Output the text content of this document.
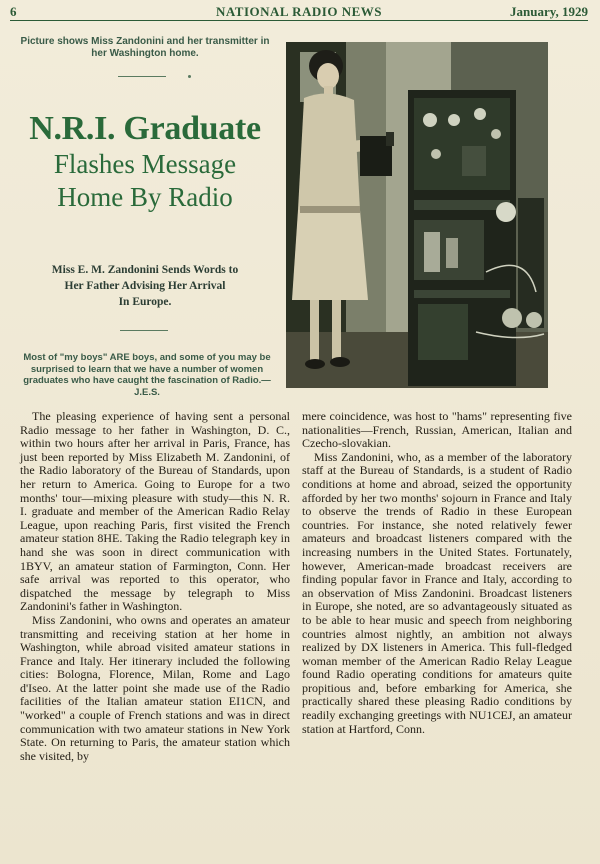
6	NATIONAL RADIO NEWS	January, 1929
Picture shows Miss Zandonini and her transmitter in her Washington home.
N.R.I. Graduate
Flashes Message
Home By Radio
Miss E. M. Zandonini Sends Words to
Her Father Advising Her Arrival
In Europe.
Most of "my boys" ARE boys, and some of you may be surprised to learn that we have a number of women graduates who have caught the fascination of Radio.—J.E.S.

The pleasing experience of having sent a personal Radio message to her father in Washington, D. C., within two hours after her arrival in Paris, France, has just been reported by Miss Elizabeth M. Zandonini, of the Radio laboratory of the Bureau of Standards, upon her return to America. Going to Europe for a two months' tour—mixing pleasure with study—this N. R. I. graduate and member of the American Radio Relay League, upon reaching Paris, first visited the French amateur station 8HE. Taking the Radio telegraph key in hand she was soon in direct communication with 1BYV, an amateur station of Farmington, Conn. Her safe arrival was reported to this operator, who dispatched the message by telegraph to Miss Zandonini's father in Washington.

Miss Zandonini, who owns and operates an amateur transmitting and receiving station at her home in Washington, while abroad visited amateur stations in France and Italy. Her itinerary included the following cities: Bologna, Florence, Milan, Rome and Lago d'Iseo. At the latter point she made use of the Radio facilities of the Italian amateur station EI1CN, and "worked" a couple of French stations and was in direct communication with two amateur stations in New York State. On returning to Paris, the amateur station which she visited, by

mere coincidence, was host to "hams" representing five nationalities—French, Russian, American, Italian and Czecho-slovakian.

Miss Zandonini, who, as a member of the laboratory staff at the Bureau of Standards, is a student of Radio conditions at home and abroad, seized the opportunity afforded by her two months' sojourn in France and Italy to observe the trends of Radio in these European countries. For instance, she noted relatively fewer amateurs and broadcast listeners compared with the increasing numbers in the United States. Fortunately, however, American-made broadcast receivers are finding popular favor in France and Italy, according to an observation of Miss Zandonini. Broadcast listeners in Europe, she noted, are so advantageously situated as to be able to hear music and speech from neighboring countries almost nightly, an ambition not always realized by DX listeners in America. This full-fledged woman member of the American Radio Relay League found Radio operating conditions for amateurs quite propitious and, before embarking for America, she practically shared these pleasing Radio conditions by readily exchanging greetings with NU1CEJ, an amateur station at Hartford, Conn.
